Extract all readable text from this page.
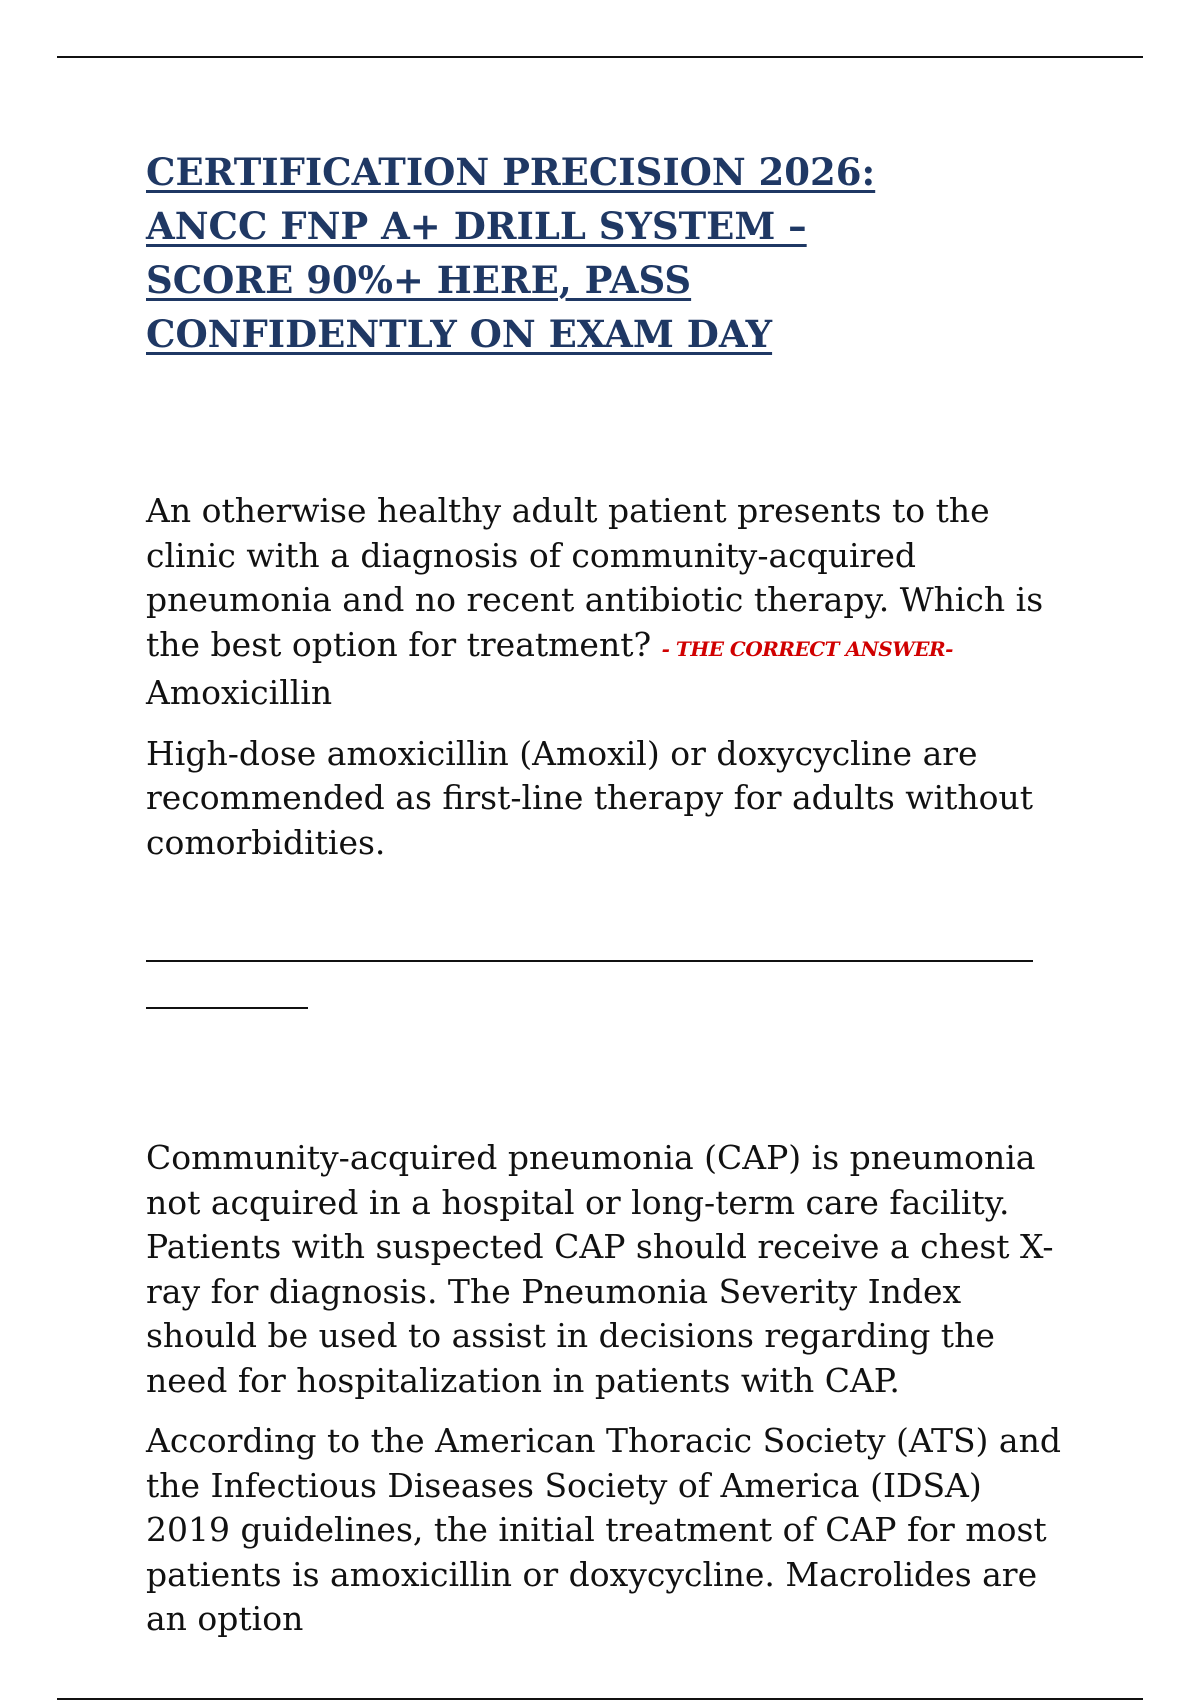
CERTIFICATION PRECISION 2026:
ANCC FNP A+ DRILL SYSTEM –
SCORE 90%+ HERE, PASS
CONFIDENTLY ON EXAM DAY

An otherwise healthy adult patient presents to the clinic with a diagnosis of community-acquired pneumonia and no recent antibiotic therapy. Which is the best option for treatment? - THE CORRECT ANSWER-Amoxicillin

High-dose amoxicillin (Amoxil) or doxycycline are recommended as first-line therapy for adults without comorbidities.

Community-acquired pneumonia (CAP) is pneumonia not acquired in a hospital or long-term care facility. Patients with suspected CAP should receive a chest X-ray for diagnosis. The Pneumonia Severity Index should be used to assist in decisions regarding the need for hospitalization in patients with CAP.

According to the American Thoracic Society (ATS) and the Infectious Diseases Society of America (IDSA) 2019 guidelines, the initial treatment of CAP for most patients is amoxicillin or doxycycline. Macrolides are an option
